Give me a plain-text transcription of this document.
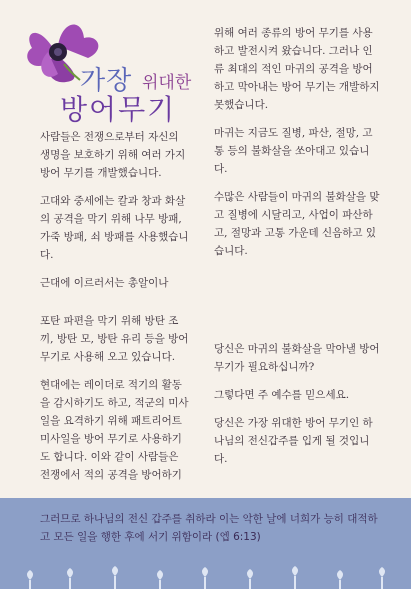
가장 위대한
방어무기

사람들은 전쟁으로부터 자신의 생명을 보호하기 위해 여러 가지 방어 무기를 개발했습니다.

고대와 중세에는 칼과 창과 화살의 공격을 막기 위해 나무 방패, 가죽 방패, 쇠 방패를 사용했습니다.

근대에 이르러서는 총알이나

포탄 파편을 막기 위해 방탄 조끼, 방탄 모, 방탄 유리 등을 방어 무기로 사용해 오고 있습니다.

현대에는 레이더로 적기의 활동을 감시하기도 하고, 적군의 미사일을 요격하기 위해 패트리어트 미사일을 방어 무기로 사용하기도 합니다. 이와 같이 사람들은 전쟁에서 적의 공격을 방어하기

위해 여러 종류의 방어 무기를 사용하고 발전시켜 왔습니다. 그러나 인류 최대의 적인 마귀의 공격을 방어하고 막아내는 방어 무기는 개발하지 못했습니다.

마귀는 지금도 질병, 파산, 절망, 고통 등의 불화살을 쏘아대고 있습니다.

수많은 사람들이 마귀의 불화살을 맞고 질병에 시달리고, 사업이 파산하고, 절망과 고통 가운데 신음하고 있습니다.

당신은 마귀의 불화살을 막아낼 방어 무기가 필요하십니까?

그렇다면 주 예수를 믿으세요.

당신은 가장 위대한 방어 무기인 하나님의 전신갑주를 입게 될 것입니다.

그러므로 하나님의 전신 갑주를 취하라 이는 악한 날에 너희가 능히 대적하고 모든 일을 행한 후에 서기 위함이라 (엡 6:13)
